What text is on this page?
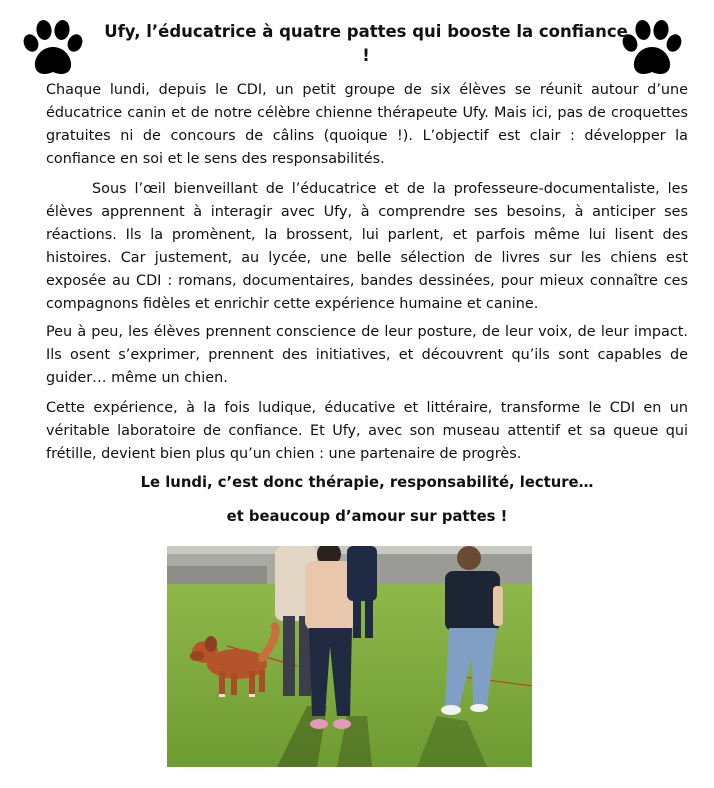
Ufy, l’éducatrice à quatre pattes qui booste la confiance !

Chaque lundi, depuis le CDI, un petit groupe de six élèves se réunit autour d’une éducatrice canin et de notre célèbre chienne thérapeute Ufy. Mais ici, pas de croquettes gratuites ni de concours de câlins (quoique !). L’objectif est clair : développer la confiance en soi et le sens des responsabilités.

Sous l’œil bienveillant de l’éducatrice et de la professeure-documentaliste, les élèves apprennent à interagir avec Ufy, à comprendre ses besoins, à anticiper ses réactions. Ils la promènent, la brossent, lui parlent, et parfois même lui lisent des histoires. Car justement, au lycée, une belle sélection de livres sur les chiens est exposée au CDI : romans, documentaires, bandes dessinées, pour mieux connaître ces compagnons fidèles et enrichir cette expérience humaine et canine.

Peu à peu, les élèves prennent conscience de leur posture, de leur voix, de leur impact. Ils osent s’exprimer, prennent des initiatives, et découvrent qu’ils sont capables de guider… même un chien.

Cette expérience, à la fois ludique, éducative et littéraire, transforme le CDI en un véritable laboratoire de confiance. Et Ufy, avec son museau attentif et sa queue qui frétille, devient bien plus qu’un chien : une partenaire de progrès.

Le lundi, c’est donc thérapie, responsabilité, lecture…

et beaucoup d’amour sur pattes !
